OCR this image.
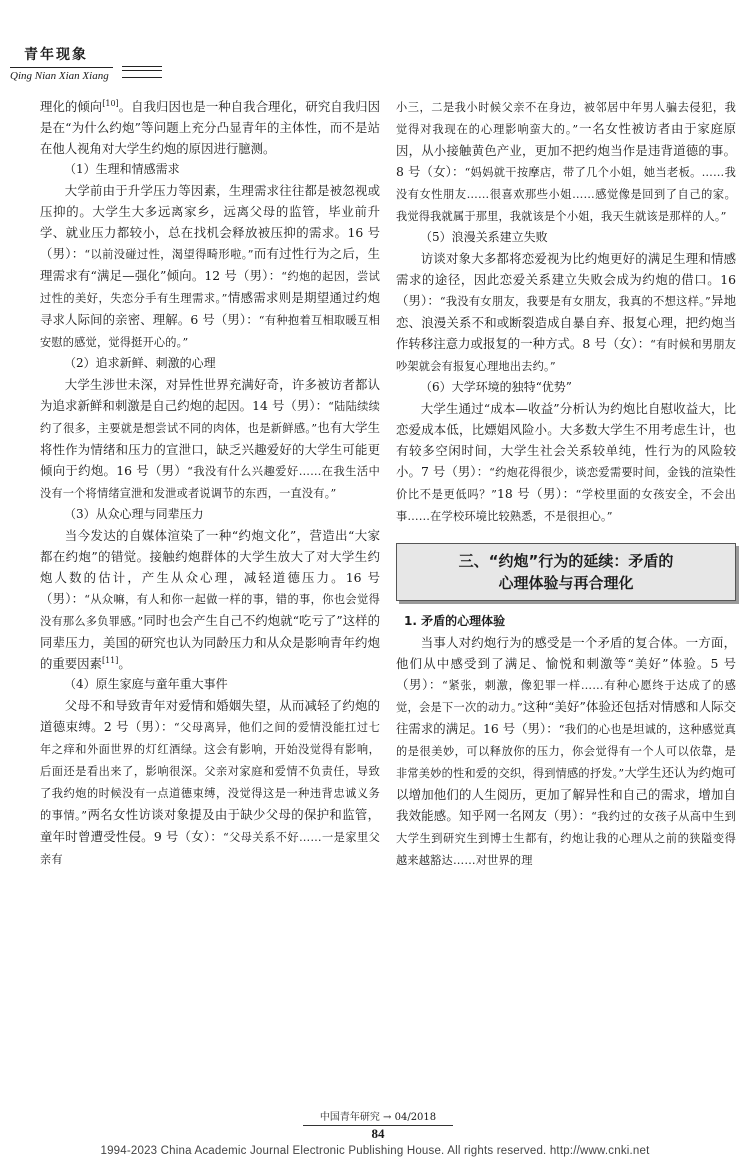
青年现象
Qing Nian Xian Xiang

理化的倾向[10]。自我归因也是一种自我合理化，研究自我归因是在“为什么约炮”等问题上充分凸显青年的主体性，而不是站在他人视角对大学生约炮的原因进行臆测。

（1）生理和情感需求

大学前由于升学压力等因素，生理需求往往都是被忽视或压抑的。大学生大多远离家乡，远离父母的监管，毕业前升学、就业压力都较小，总在找机会释放被压抑的需求。16 号（男）：“以前没碰过性，渴望得畸形啦。”而有过性行为之后，生理需求有“满足—强化”倾向。12 号（男）：“约炮的起因，尝试过性的美好，失恋分手有生理需求。”情感需求则是期望通过约炮寻求人际间的亲密、理解。6 号（男）：“有种抱着互相取暖互相安慰的感觉，觉得挺开心的。”

（2）追求新鲜、刺激的心理

大学生涉世未深，对异性世界充满好奇，许多被访者都认为追求新鲜和刺激是自己约炮的起因。14 号（男）：“陆陆续续约了很多，主要就是想尝试不同的肉体，也是新鲜感。”也有大学生将性作为情绪和压力的宣泄口，缺乏兴趣爱好的大学生可能更倾向于约炮。16 号（男）“我没有什么兴趣爱好……在我生活中没有一个将情绪宣泄和发泄或者说调节的东西，一直没有。”

（3）从众心理与同辈压力

当今发达的自媒体渲染了一种“约炮文化”，营造出“大家都在约炮”的错觉。接触约炮群体的大学生放大了对大学生约炮人数的估计，产生从众心理，减轻道德压力。16 号（男）：“从众嘛，有人和你一起做一样的事，错的事，你也会觉得没有那么多负罪感。”同时也会产生自己不约炮就“吃亏了”这样的同辈压力，美国的研究也认为同龄压力和从众是影响青年约炮的重要因素[11]。

（4）原生家庭与童年重大事件

父母不和导致青年对爱情和婚姻失望，从而减轻了约炮的道德束缚。2 号（男）：“父母离异，他们之间的爱情没能扛过七年之痒和外面世界的灯红酒绿。这会有影响，开始没觉得有影响，后面还是看出来了，影响很深。父亲对家庭和爱情不负责任，导致了我约炮的时候没有一点道德束缚，没觉得这是一种违背忠诚义务的事情。”两名女性访谈对象提及由于缺少父母的保护和监管，童年时曾遭受性侵。9 号（女）：“父母关系不好……一是家里父亲有

小三，二是我小时候父亲不在身边，被邻居中年男人骗去侵犯，我觉得对我现在的心理影响蛮大的。”一名女性被访者由于家庭原因，从小接触黄色产业，更加不把约炮当作是违背道德的事。8 号（女）：“妈妈就干按摩店，带了几个小姐，她当老板。……我没有女性朋友……很喜欢那些小姐……感觉像是回到了自己的家。我觉得我就属于那里，我就该是个小姐，我天生就该是那样的人。”

（5）浪漫关系建立失败

访谈对象大多都将恋爱视为比约炮更好的满足生理和情感需求的途径，因此恋爱关系建立失败会成为约炮的借口。16（男）：“我没有女朋友，我要是有女朋友，我真的不想这样。”异地恋、浪漫关系不和或断裂造成自暴自弃、报复心理，把约炮当作转移注意力或报复的一种方式。8 号（女）：“有时候和男朋友吵架就会有报复心理地出去约。”

（6）大学环境的独特“优势”

大学生通过“成本—收益”分析认为约炮比自慰收益大，比恋爱成本低，比嫖娼风险小。大多数大学生不用考虑生计，也有较多空闲时间，大学生社会关系较单纯，性行为的风险较小。7 号（男）：“约炮花得很少，谈恋爱需要时间，金钱的渲染性价比不是更低吗？”18 号（男）：“学校里面的女孩安全，不会出事……在学校环境比较熟悉，不是很担心。”

三、“约炮”行为的延续：矛盾的
心理体验与再合理化
1. 矛盾的心理体验

当事人对约炮行为的感受是一个矛盾的复合体。一方面，他们从中感受到了满足、愉悦和刺激等“美好”体验。5 号（男）：“紧张，刺激，像犯罪一样……有种心愿终于达成了的感觉，会是下一次的动力。”这种“美好”体验还包括对情感和人际交往需求的满足。16 号（男）：“我们的心也是坦诚的，这种感觉真的是很美妙，可以释放你的压力，你会觉得有一个人可以依靠，是非常美妙的性和爱的交织，得到情感的抒发。”大学生还认为约炮可以增加他们的人生阅历，更加了解异性和自己的需求，增加自我效能感。知乎网一名网友（男）：“我约过的女孩子从高中生到大学生到研究生到博士生都有，约炮让我的心理从之前的狭隘变得越来越豁达……对世界的理

中国青年研究 → 04/2018
84
1994-2023 China Academic Journal Electronic Publishing House. All rights reserved. http://www.cnki.net
